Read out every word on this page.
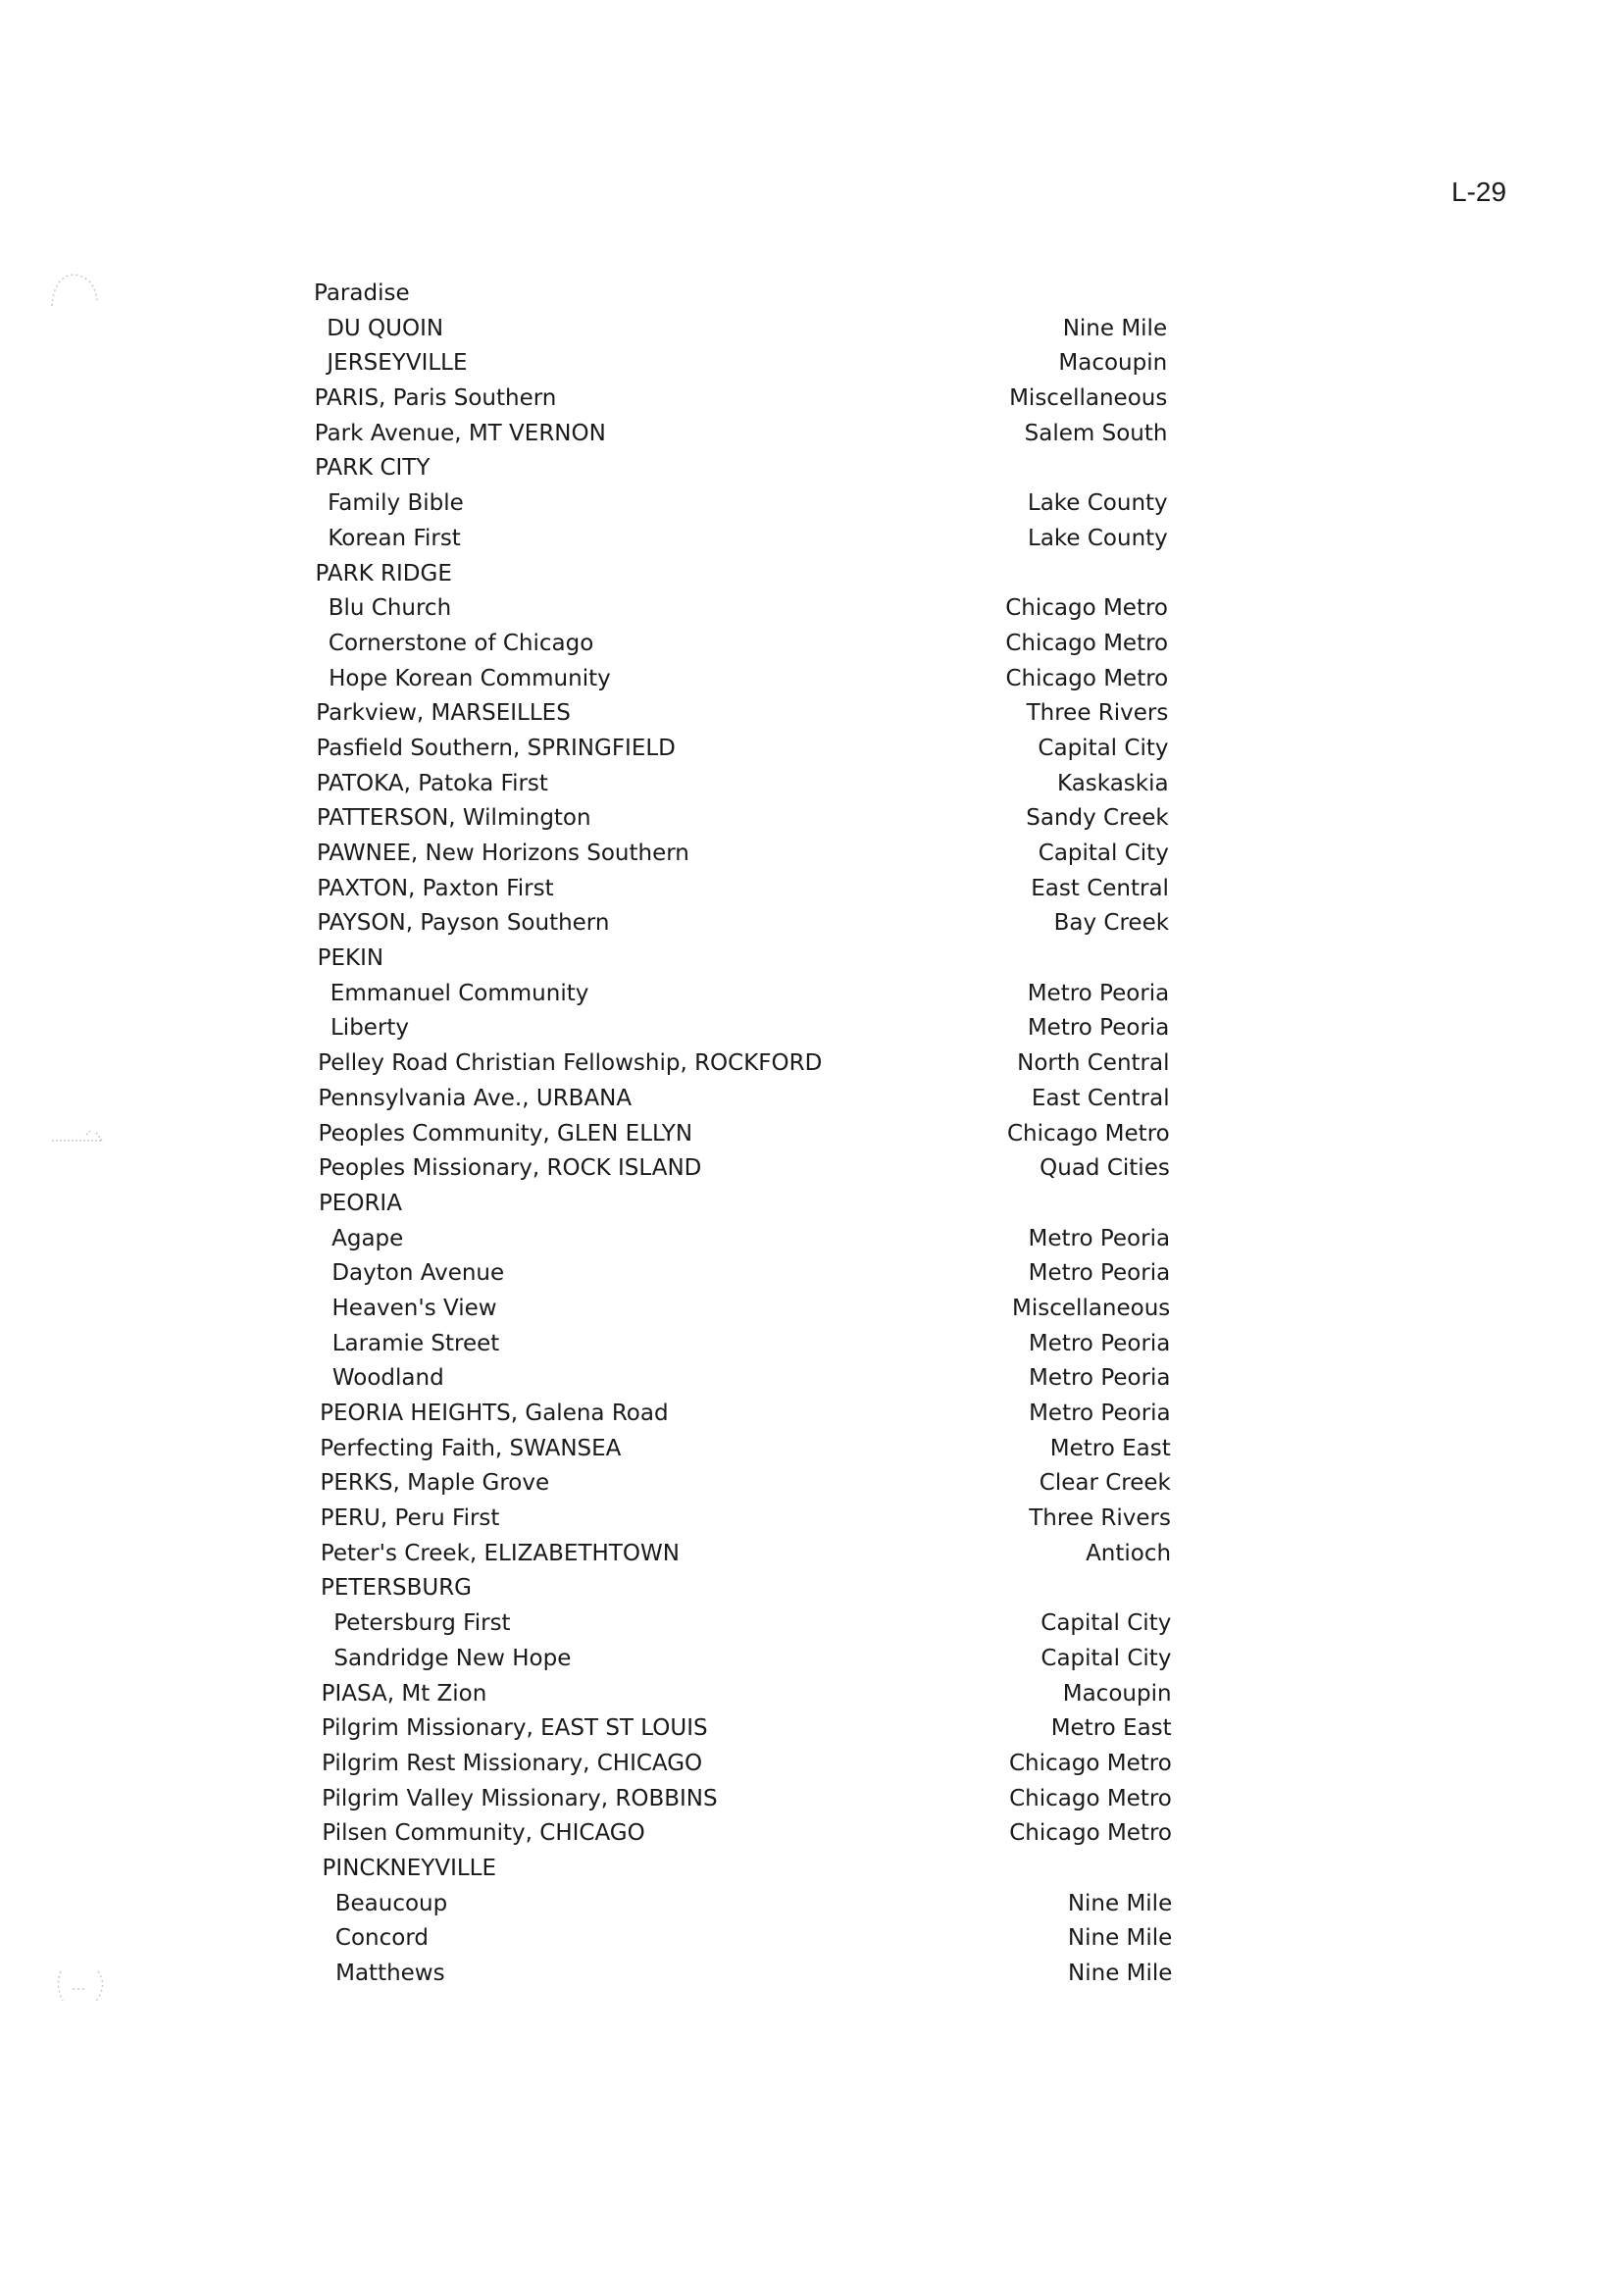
L-29
Paradise
DU QUOIN	Nine Mile
JERSEYVILLE	Macoupin
PARIS, Paris Southern	Miscellaneous
Park Avenue, MT VERNON	Salem South
PARK CITY
Family Bible	Lake County
Korean First	Lake County
PARK RIDGE
Blu Church	Chicago Metro
Cornerstone of Chicago	Chicago Metro
Hope Korean Community	Chicago Metro
Parkview, MARSEILLES	Three Rivers
Pasfield Southern, SPRINGFIELD	Capital City
PATOKA, Patoka First	Kaskaskia
PATTERSON, Wilmington	Sandy Creek
PAWNEE, New Horizons Southern	Capital City
PAXTON, Paxton First	East Central
PAYSON, Payson Southern	Bay Creek
PEKIN
Emmanuel Community	Metro Peoria
Liberty	Metro Peoria
Pelley Road Christian Fellowship, ROCKFORD	North Central
Pennsylvania Ave., URBANA	East Central
Peoples Community, GLEN ELLYN	Chicago Metro
Peoples Missionary, ROCK ISLAND	Quad Cities
PEORIA
Agape	Metro Peoria
Dayton Avenue	Metro Peoria
Heaven's View	Miscellaneous
Laramie Street	Metro Peoria
Woodland	Metro Peoria
PEORIA HEIGHTS, Galena Road	Metro Peoria
Perfecting Faith, SWANSEA	Metro East
PERKS, Maple Grove	Clear Creek
PERU, Peru First	Three Rivers
Peter's Creek, ELIZABETHTOWN	Antioch
PETERSBURG
Petersburg First	Capital City
Sandridge New Hope	Capital City
PIASA, Mt Zion	Macoupin
Pilgrim Missionary, EAST ST LOUIS	Metro East
Pilgrim Rest Missionary, CHICAGO	Chicago Metro
Pilgrim Valley Missionary, ROBBINS	Chicago Metro
Pilsen Community, CHICAGO	Chicago Metro
PINCKNEYVILLE
Beaucoup	Nine Mile
Concord	Nine Mile
Matthews	Nine Mile
